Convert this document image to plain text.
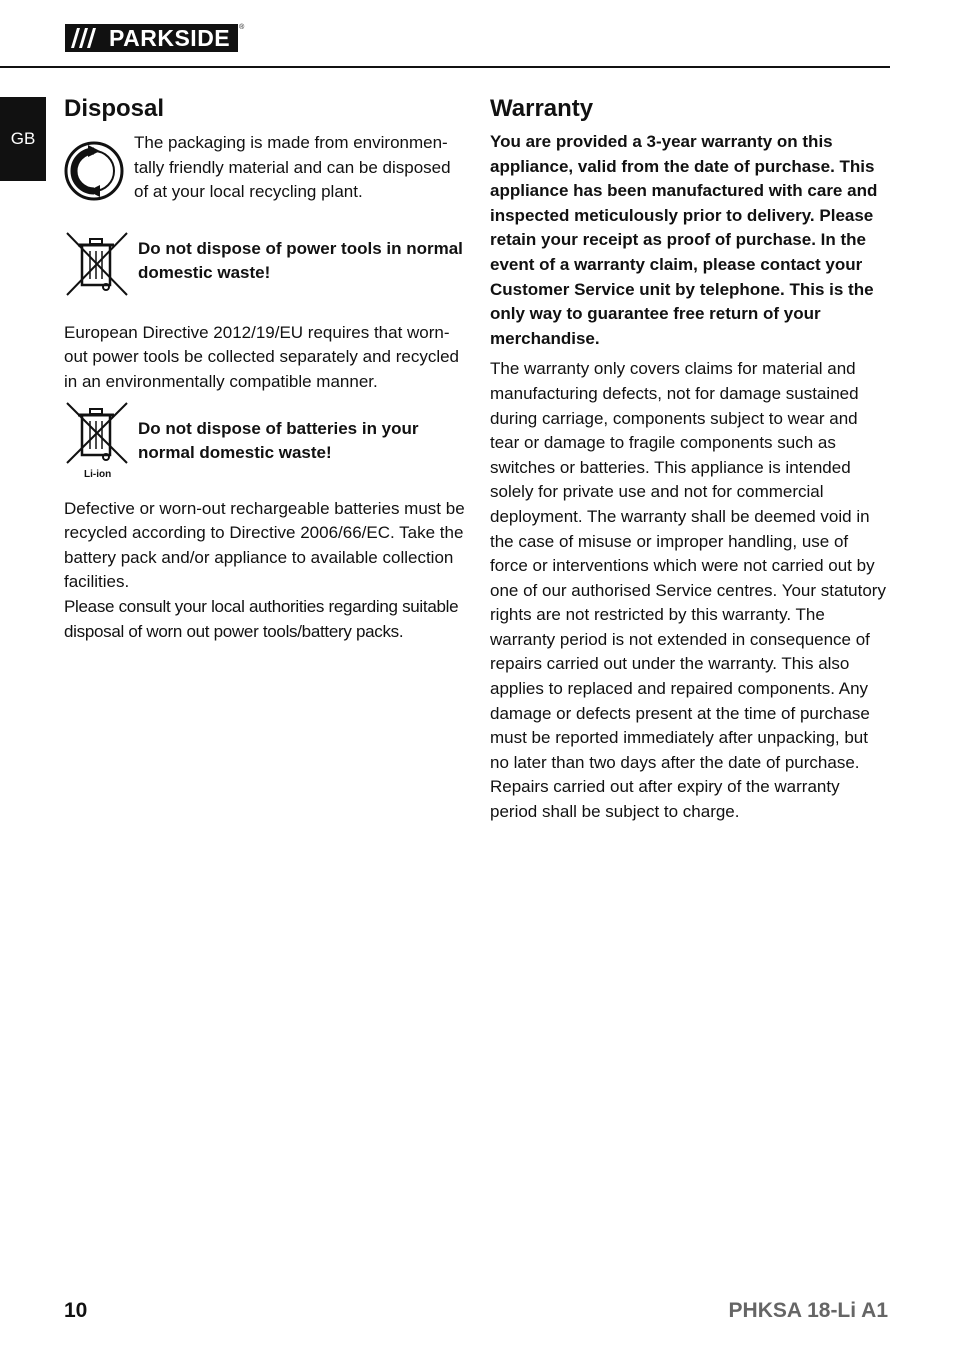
PARKSIDE	®
GB
Disposal

The packaging is made from environmen-tally friendly material and can be disposed of at your local recycling plant.

Do not dispose of power tools in normal domestic waste!

European Directive 2012/19/EU requires that worn-out power tools be collected separately and recycled in an environmentally compatible manner.

Li-ion

Do not dispose of batteries in your normal domestic waste!

Defective or worn-out rechargeable batteries must be recycled according to Directive 2006/66/EC. Take the battery pack and/or appliance to available collection facilities.

Please consult your local authorities regarding suitable disposal of worn out power tools/battery packs.

Warranty

You are provided a 3-year warranty on this appliance, valid from the date of purchase. This appliance has been manufactured with care and inspected meticulously prior to delivery. Please retain your receipt as proof of purchase. In the event of a warranty claim, please contact your Customer Service unit by telephone. This is the only way to guarantee free return of your merchandise.

The warranty only covers claims for material and manufacturing defects, not for damage sustained during carriage, components subject to wear and tear or damage to fragile components such as switches or batteries. This appliance is intended solely for private use and not for commercial deployment. The warranty shall be deemed void in the case of misuse or improper handling, use of force or interventions which were not carried out by one of our authorised Service centres. Your statutory rights are not restricted by this warranty. The warranty period is not extended in consequence of repairs carried out under the warranty. This also applies to replaced and repaired components. Any damage or defects present at the time of purchase must be reported immediately after unpacking, but no later than two days after the date of purchase. Repairs carried out after expiry of the warranty period shall be subject to charge.

10	PHKSA 18-Li A1
